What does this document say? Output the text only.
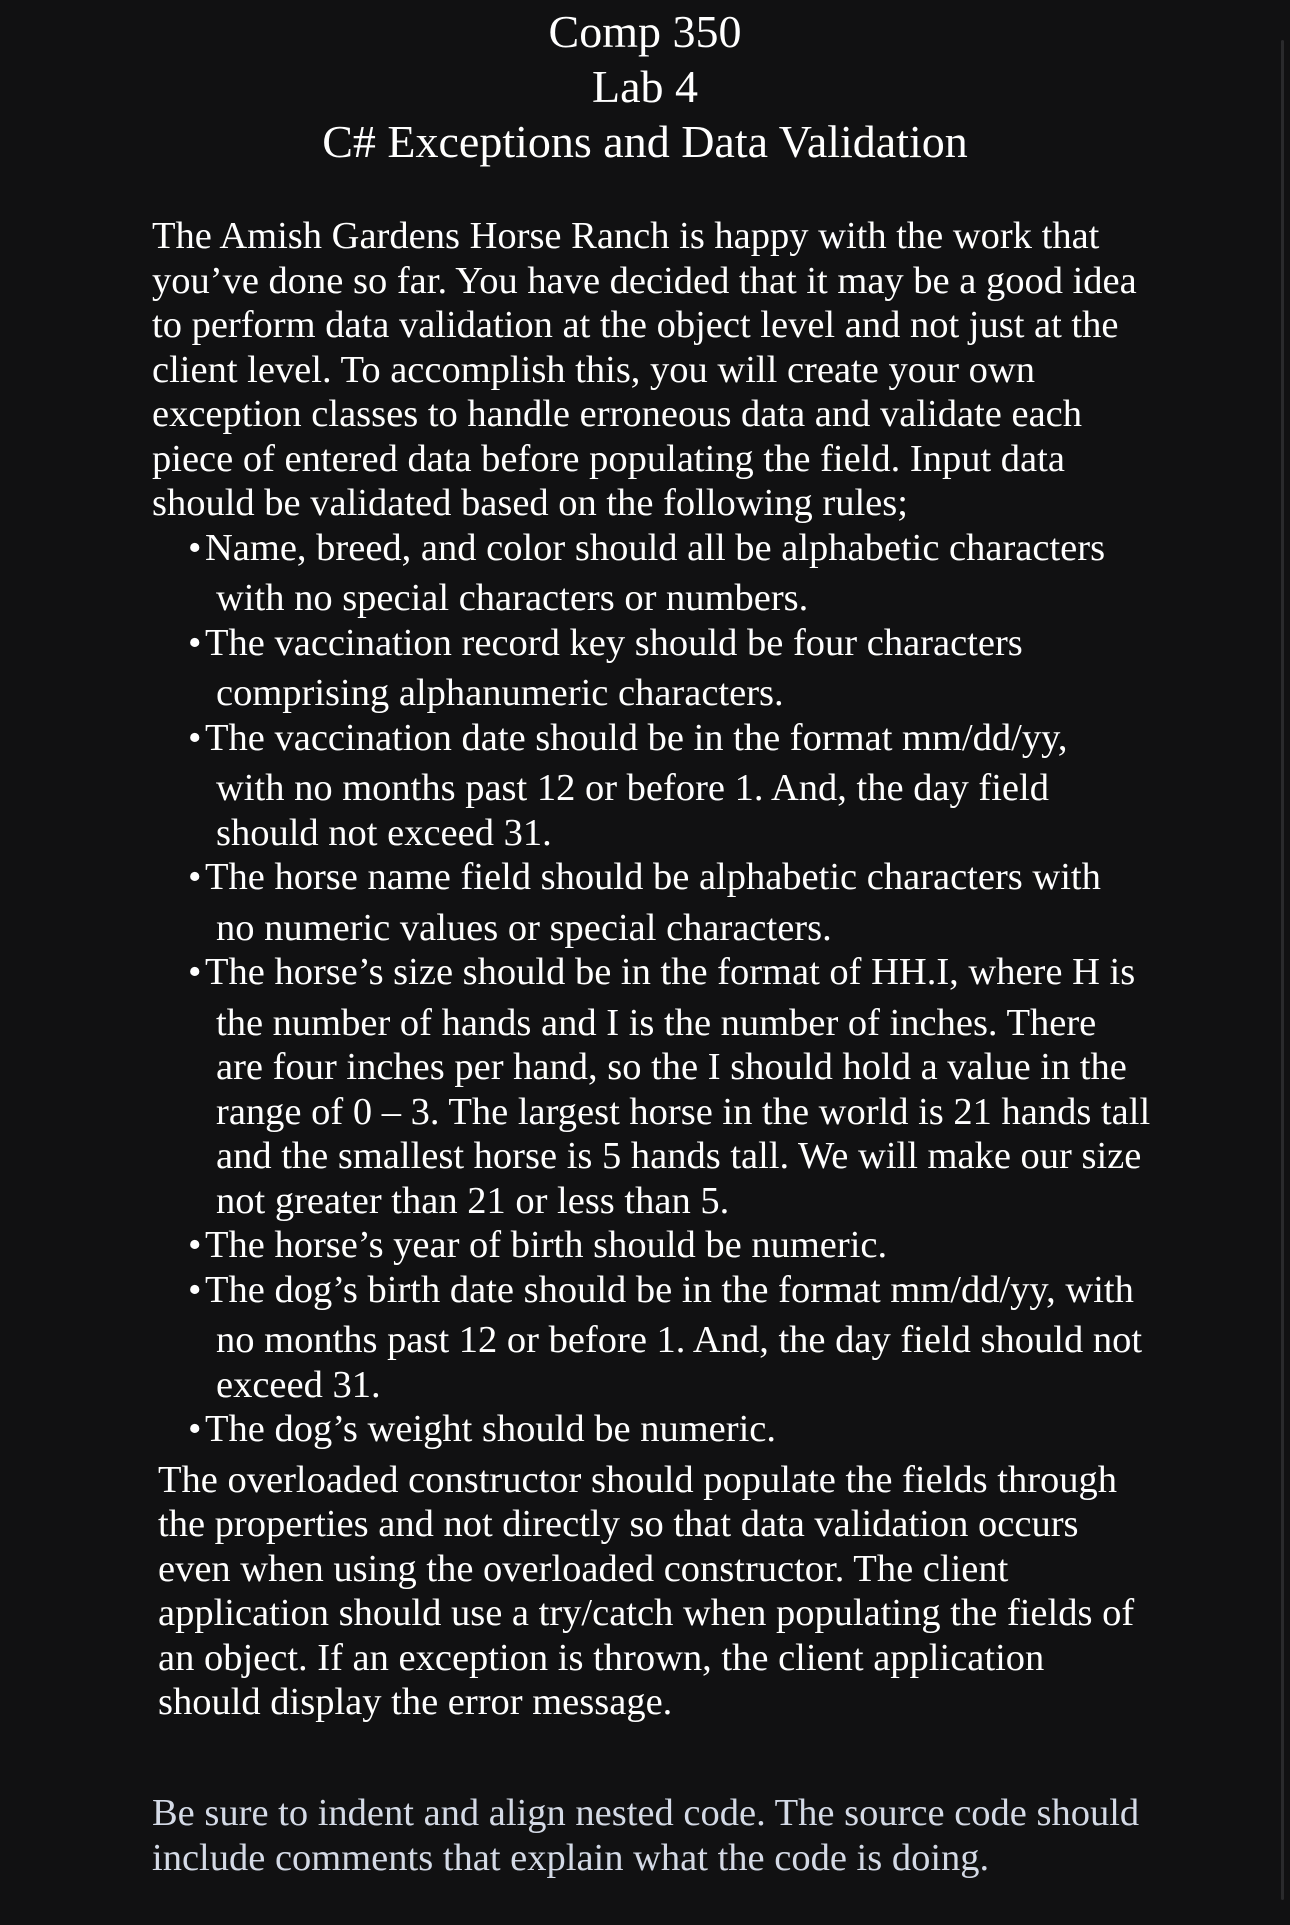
Comp 350
Lab 4
C# Exceptions and Data Validation

The Amish Gardens Horse Ranch is happy with the work that you’ve done so far. You have decided that it may be a good idea to perform data validation at the object level and not just at the client level. To accomplish this, you will create your own exception classes to handle erroneous data and validate each piece of entered data before populating the field. Input data should be validated based on the following rules;

• Name, breed, and color should all be alphabetic characters
with no special characters or numbers.
• The vaccination record key should be four characters
comprising alphanumeric characters.
• The vaccination date should be in the format mm/dd/yy,
with no months past 12 or before 1. And, the day field should not exceed 31.
• The horse name field should be alphabetic characters with
no numeric values or special characters.
• The horse’s size should be in the format of HH.I, where H is
the number of hands and I is the number of inches. There are four inches per hand, so the I should hold a value in the range of 0 – 3. The largest horse in the world is 21 hands tall and the smallest horse is 5 hands tall. We will make our size not greater than 21 or less than 5.
• The horse’s year of birth should be numeric.
• The dog’s birth date should be in the format mm/dd/yy, with
no months past 12 or before 1. And, the day field should not exceed 31.
• The dog’s weight should be numeric.

The overloaded constructor should populate the fields through the properties and not directly so that data validation occurs even when using the overloaded constructor. The client application should use a try/catch when populating the fields of an object. If an exception is thrown, the client application should display the error message.

Be sure to indent and align nested code. The source code should include comments that explain what the code is doing.
